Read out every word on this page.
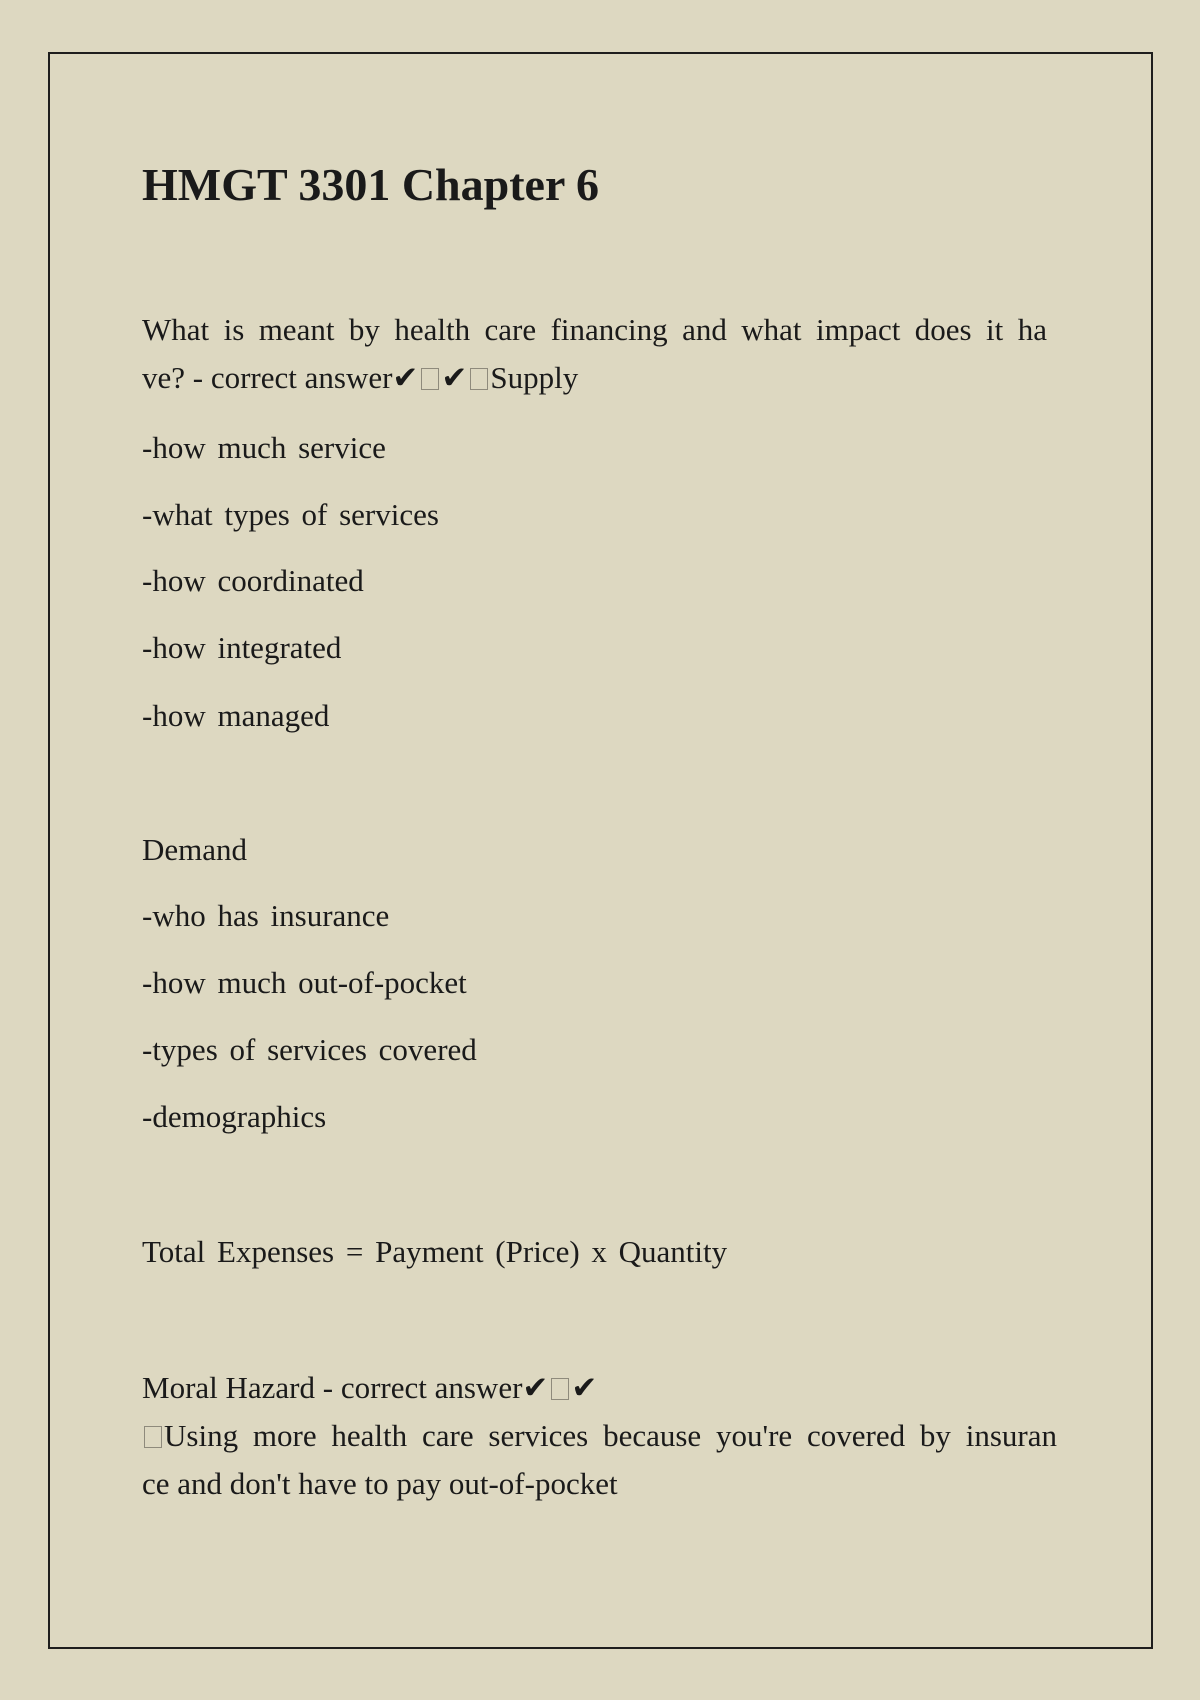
HMGT 3301 Chapter 6
What is meant by health care financing and what impact does it ha
ve? - correct answer✔ ✔ Supply

-how much service

-what types of services

-how coordinated

-how integrated

-how managed

Demand

-who has insurance

-how much out-of-pocket

-types of services covered

-demographics

Total Expenses = Payment (Price) x Quantity

Moral Hazard - correct answer✔ ✔
Using more health care services because you're covered by insuran
ce and don't have to pay out-of-pocket
